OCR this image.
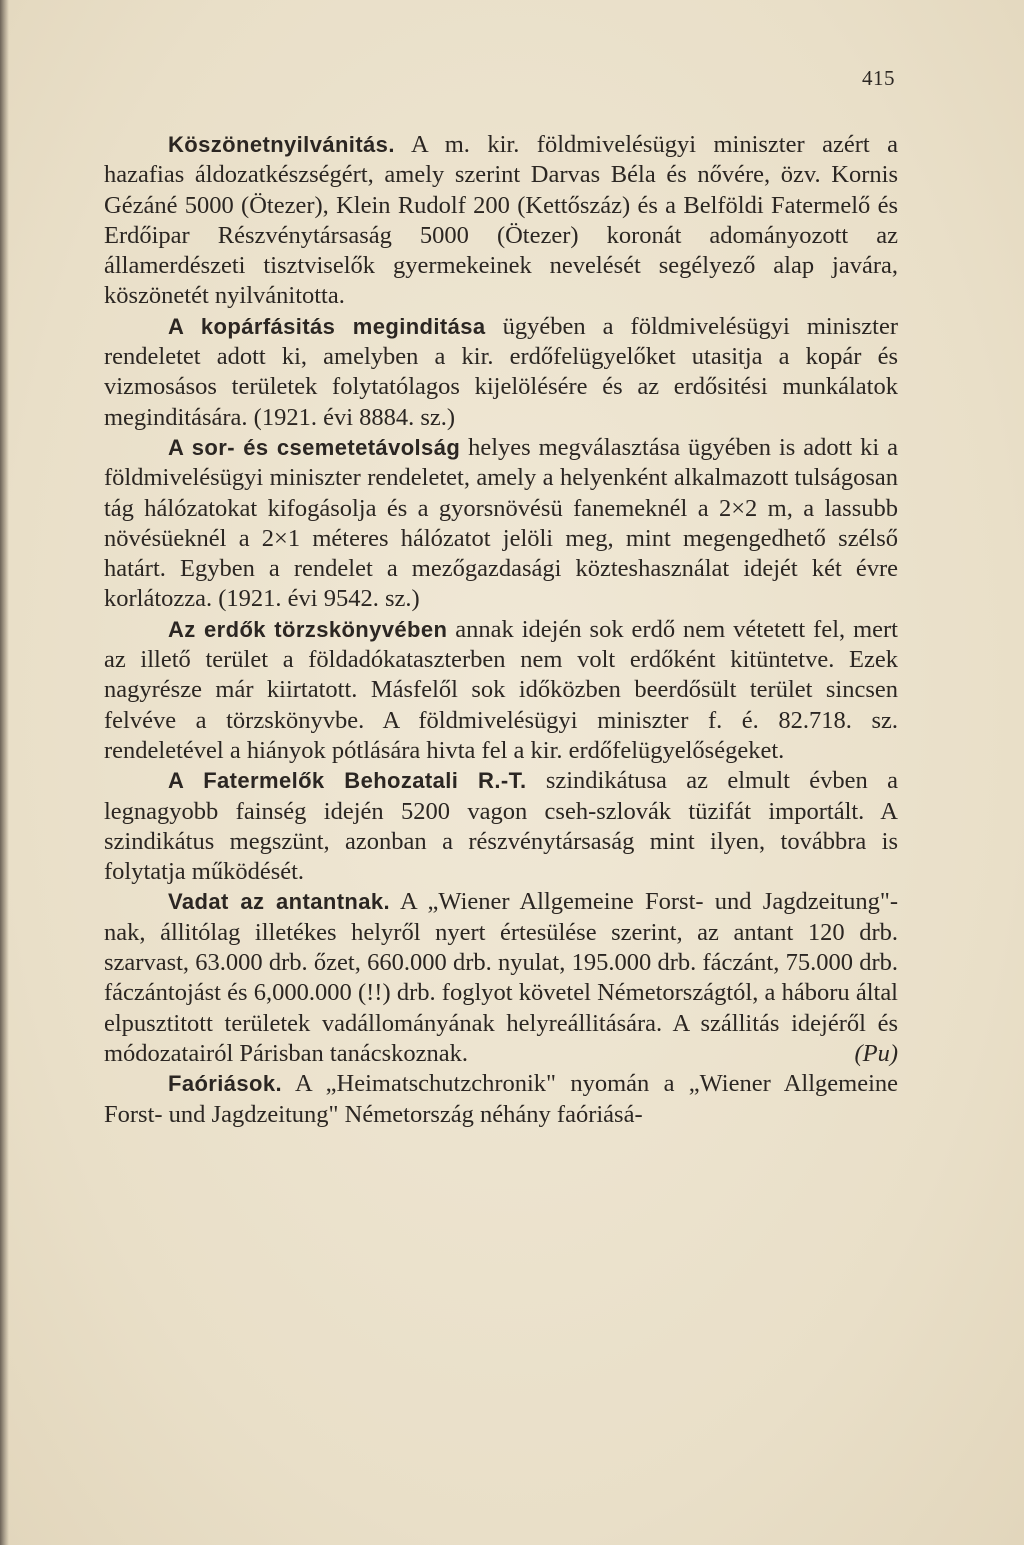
415

Köszönetnyilvánitás. A m. kir. földmivelésügyi miniszter azért a hazafias áldozatkészségért, amely szerint Darvas Béla és nővére, özv. Kornis Gézáné 5000 (Ötezer), Klein Rudolf 200 (Kettőszáz) és a Belföldi Fatermelő és Erdőipar Részvénytársaság 5000 (Ötezer) koronát adományozott az államerdészeti tisztviselők gyermekeinek nevelését segélyező alap javára, köszönetét nyilvánitotta.

A kopárfásitás meginditása ügyében a földmivelésügyi miniszter rendeletet adott ki, amelyben a kir. erdőfelügyelőket utasitja a kopár és vizmosásos területek folytatólagos kijelölésére és az erdősitési munkálatok meginditására. (1921. évi 8884. sz.)

A sor- és csemetetávolság helyes megválasztása ügyében is adott ki a földmivelésügyi miniszter rendeletet, amely a helyenként alkalmazott tulságosan tág hálózatokat kifogásolja és a gyorsnövésü fanemeknél a 2×2 m, a lassubb növésüeknél a 2×1 méteres hálózatot jelöli meg, mint megengedhető szélső határt. Egyben a rendelet a mezőgazdasági közteshasználat idejét két évre korlátozza. (1921. évi 9542. sz.)

Az erdők törzskönyvében annak idején sok erdő nem vétetett fel, mert az illető terület a földadókataszterben nem volt erdőként kitüntetve. Ezek nagyrésze már kiirtatott. Másfelől sok időközben beerdősült terület sincsen felvéve a törzskönyvbe. A földmivelésügyi miniszter f. é. 82.718. sz. rendeletével a hiányok pótlására hivta fel a kir. erdőfelügyelőségeket.

A Fatermelők Behozatali R.-T. szindikátusa az elmult évben a legnagyobb fainség idején 5200 vagon cseh-szlovák tüzifát importált. A szindikátus megszünt, azonban a részvénytársaság mint ilyen, továbbra is folytatja működését.

Vadat az antantnak. A „Wiener Allgemeine Forst- und Jagdzeitung"-nak, állitólag illetékes helyről nyert értesülése szerint, az antant 120 drb. szarvast, 63.000 drb. őzet, 660.000 drb. nyulat, 195.000 drb. fáczánt, 75.000 drb. fáczántojást és 6,000.000 (!!) drb. foglyot követel Németországtól, a háboru által elpusztitott területek vadállományának helyreállitására. A szállitás idejéről és módozatairól Párisban tanácskoznak.	(Pu)

Faóriások. A „Heimatschutzchronik" nyomán a „Wiener Allgemeine Forst- und Jagdzeitung" Németország néhány faóriásá-
